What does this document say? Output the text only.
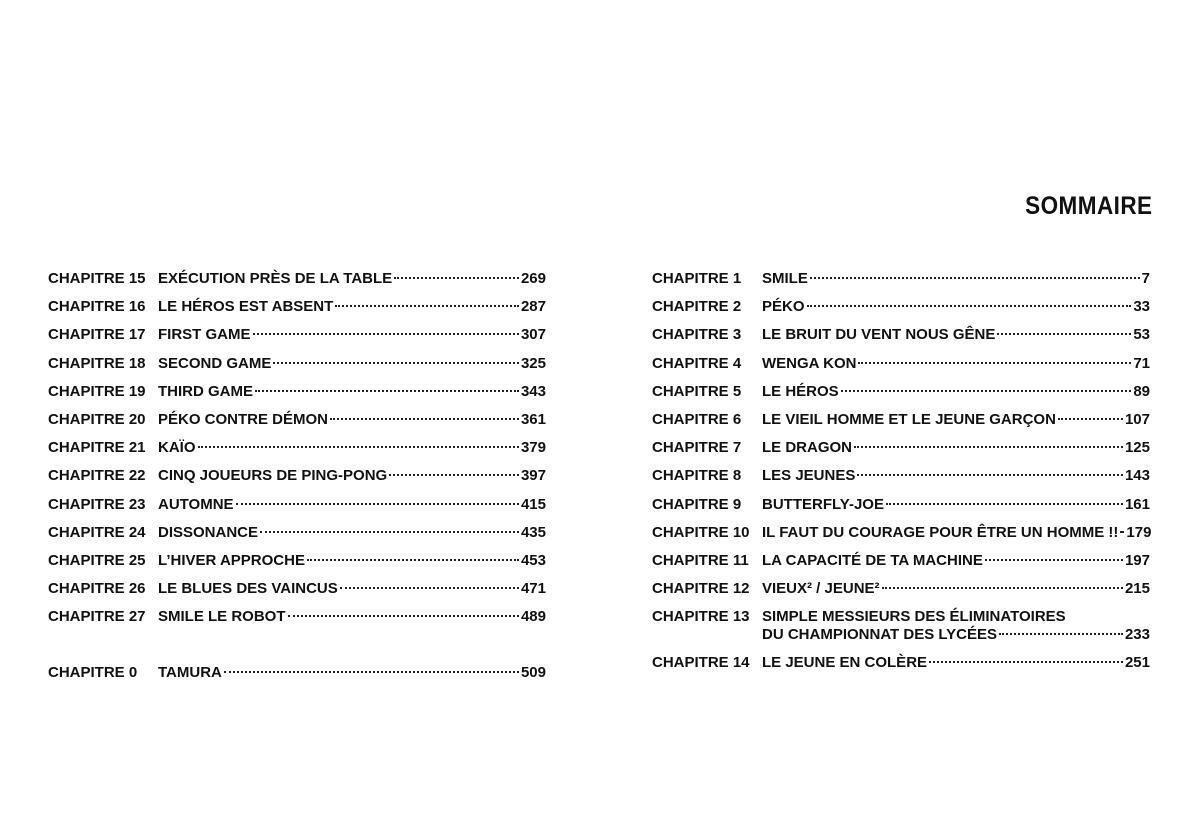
SOMMAIRE
CHAPITRE 15 EXÉCUTION PRÈS DE LA TABLE	269
CHAPITRE 16 LE HÉROS EST ABSENT	287
CHAPITRE 17 FIRST GAME	307
CHAPITRE 18 SECOND GAME	325
CHAPITRE 19 THIRD GAME	343
CHAPITRE 20 PÉKO CONTRE DÉMON	361
CHAPITRE 21 KAÏO	379
CHAPITRE 22 CINQ JOUEURS DE PING-PONG	397
CHAPITRE 23 AUTOMNE	415
CHAPITRE 24 DISSONANCE	435
CHAPITRE 25 L’HIVER APPROCHE	453
CHAPITRE 26 LE BLUES DES VAINCUS	471
CHAPITRE 27 SMILE LE ROBOT	489
CHAPITRE 0	TAMURA	509
CHAPITRE 1	SMILE	7
CHAPITRE 2	PÉKO	33
CHAPITRE 3	LE BRUIT DU VENT NOUS GÊNE	53
CHAPITRE 4	WENGA KON	71
CHAPITRE 5	LE HÉROS	89
CHAPITRE 6	LE VIEIL HOMME ET LE JEUNE GARÇON	107
CHAPITRE 7	LE DRAGON	125
CHAPITRE 8	LES JEUNES	143
CHAPITRE 9	BUTTERFLY-JOE	161
CHAPITRE 10 IL FAUT DU COURAGE POUR ÊTRE UN HOMME !! 179
CHAPITRE 11 LA CAPACITÉ DE TA MACHINE	197
CHAPITRE 12 VIEUX² / JEUNE²	215
CHAPITRE 13 SIMPLE MESSIEURS DES ÉLIMINATOIRES
DU CHAMPIONNAT DES LYCÉES	233
CHAPITRE 14 LE JEUNE EN COLÈRE	251
